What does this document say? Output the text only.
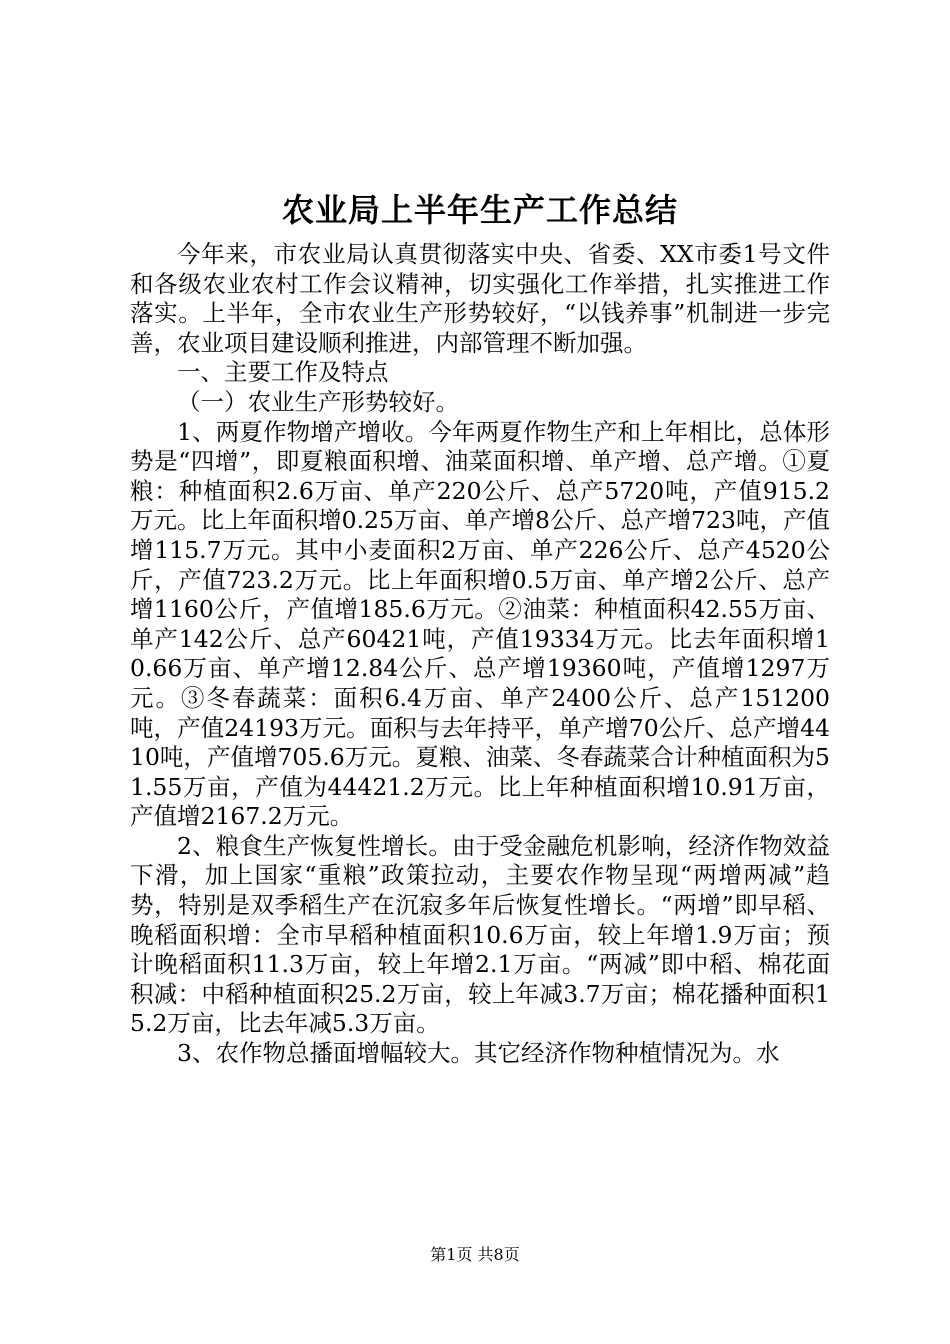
农业局上半年生产工作总结

今年来，市农业局认真贯彻落实中央、省委、XX市委1号文件和各级农业农村工作会议精神，切实强化工作举措，扎实推进工作落实。上半年，全市农业生产形势较好，“以钱养事”机制进一步完善，农业项目建设顺利推进，内部管理不断加强。

一、主要工作及特点

（一）农业生产形势较好。

1、两夏作物增产增收。今年两夏作物生产和上年相比，总体形势是“四增”，即夏粮面积增、油菜面积增、单产增、总产增。①夏粮：种植面积2.6万亩、单产220公斤、总产5720吨，产值915.2万元。比上年面积增0.25万亩、单产增8公斤、总产增723吨，产值增115.7万元。其中小麦面积2万亩、单产226公斤、总产4520公斤，产值723.2万元。比上年面积增0.5万亩、单产增2公斤、总产增1160公斤，产值增185.6万元。②油菜：种植面积42.55万亩、单产142公斤、总产60421吨，产值19334万元。比去年面积增10.66万亩、单产增12.84公斤、总产增19360吨，产值增1297万元。③冬春蔬菜：面积6.4万亩、单产2400公斤、总产151200吨，产值24193万元。面积与去年持平，单产增70公斤、总产增4410吨，产值增705.6万元。夏粮、油菜、冬春蔬菜合计种植面积为51.55万亩，产值为44421.2万元。比上年种植面积增10.91万亩，产值增2167.2万元。

2、粮食生产恢复性增长。由于受金融危机影响，经济作物效益下滑，加上国家“重粮”政策拉动，主要农作物呈现“两增两减”趋势，特别是双季稻生产在沉寂多年后恢复性增长。“两增”即早稻、晚稻面积增：全市早稻种植面积10.6万亩，较上年增1.9万亩；预计晚稻面积11.3万亩，较上年增2.1万亩。“两减”即中稻、棉花面积减：中稻种植面积25.2万亩，较上年减3.7万亩；棉花播种面积15.2万亩，比去年减5.3万亩。

3、农作物总播面增幅较大。其它经济作物种植情况为。水

第1页 共8页
